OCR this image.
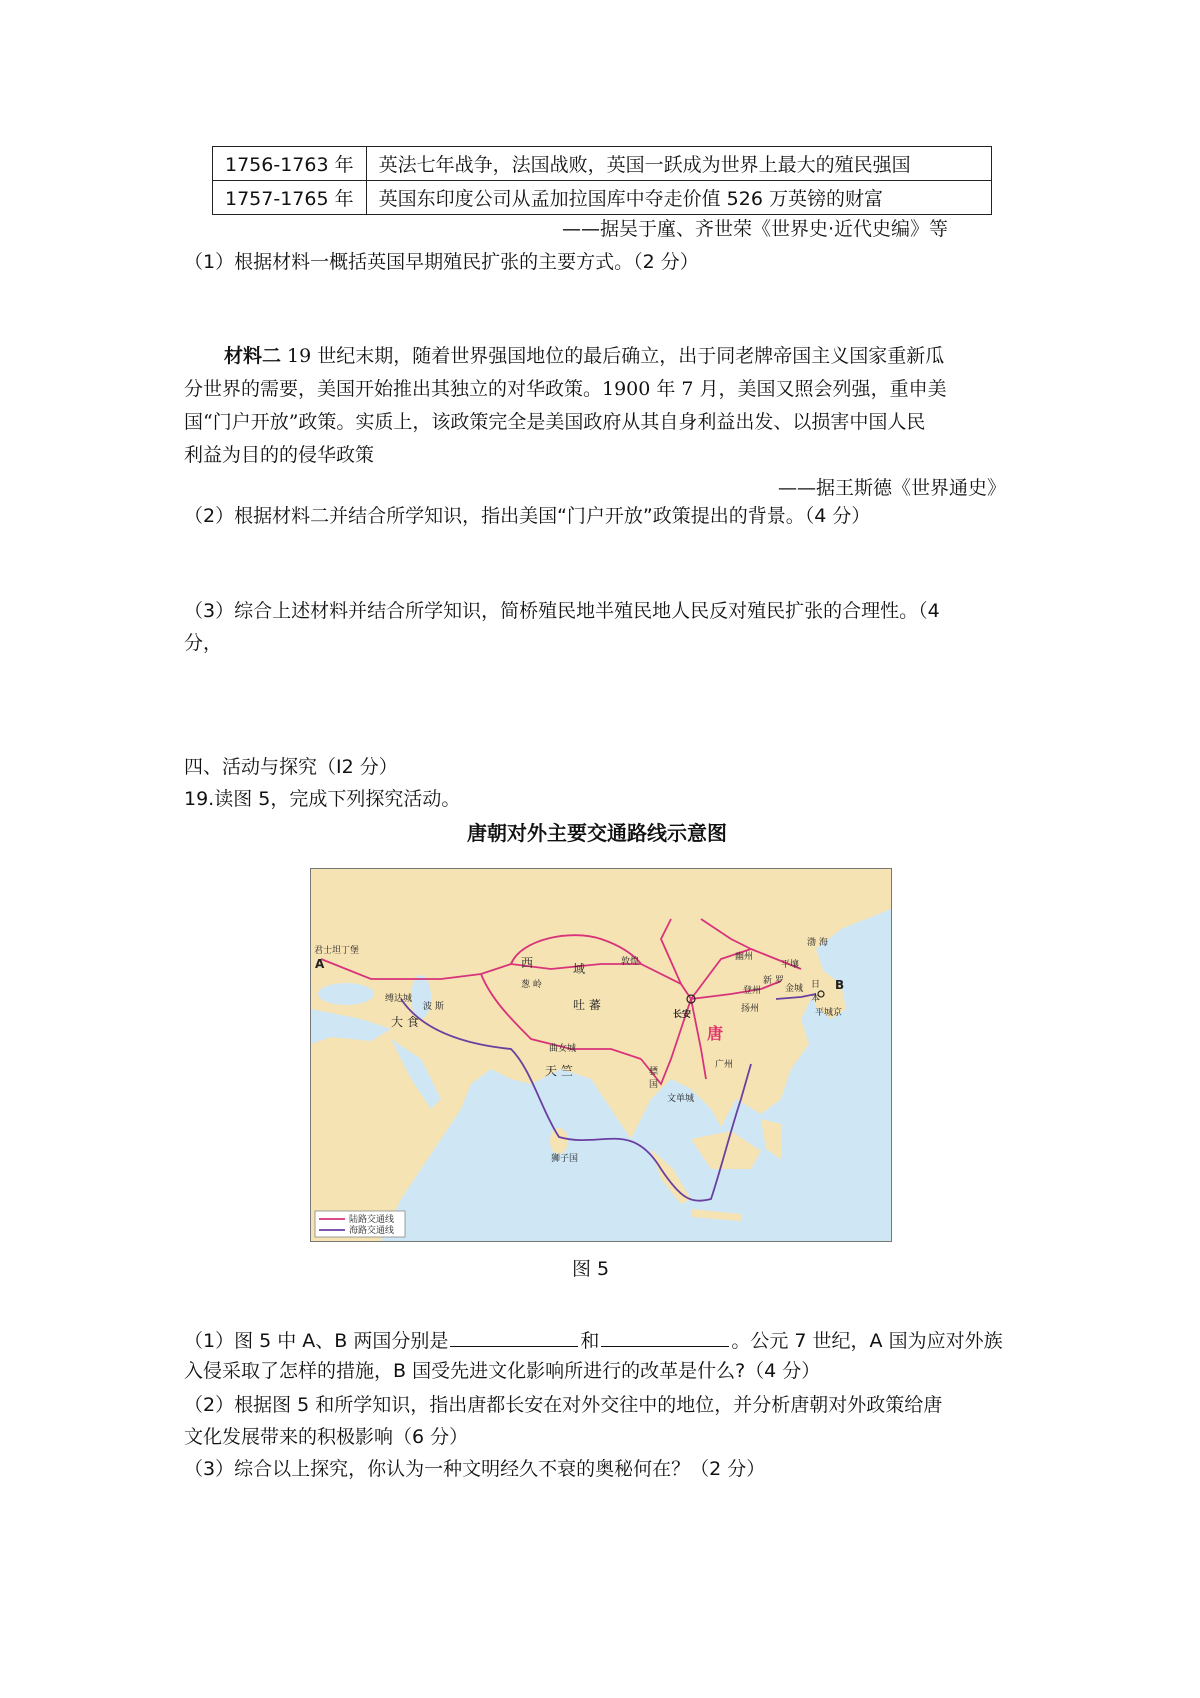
1756-1763 年	英法七年战争，法国战败，英国一跃成为世界上最大的殖民强国
1757-1765 年	英国东印度公司从孟加拉国库中夺走价值 526 万英镑的财富
——据吴于廑、齐世荣《世界史·近代史编》等
（1）根据材料一概括英国早期殖民扩张的主要方式。（2 分）
材料二 19 世纪末期，随着世界强国地位的最后确立，出于同老牌帝国主义国家重新瓜
分世界的需要，美国开始推出其独立的对华政策。1900 年 7 月，美国又照会列强，重申美
国“门户开放”政策。实质上，该政策完全是美国政府从其自身利益出发、以损害中国人民
利益为目的的侵华政策
——据王斯德《世界通史》
（2）根据材料二并结合所学知识，指出美国“门户开放”政策提出的背景。（4 分）
（3）综合上述材料并结合所学知识，简桥殖民地半殖民地人民反对殖民扩张的合理性。（4
分，
四、活动与探究（I2 分）
19.读图 5，完成下列探究活动。
唐朝对外主要交通路线示意图
君士坦丁堡
A
缚达城
波 斯
大 食
西	域
葱 岭
敦煌
吐 蕃
曲女城
天 竺
狮子国
骠
国
文单城
唐
长安
幽州
渤 海
登州
扬州
广州
平壤
新 罗
金城 日
本
B
平城京
陆路交通线
海路交通线
图 5
（1）图 5 中 A、B 两国分别是	和	。公元 7 世纪，A 国为应对外族
入侵采取了怎样的措施，B 国受先进文化影响所进行的改革是什么?（4 分）
（2）根据图 5 和所学知识，指出唐都长安在对外交往中的地位，并分析唐朝对外政策给唐
文化发展带来的积极影响（6 分）
（3）综合以上探究，你认为一种文明经久不衰的奥秘何在？（2 分）
